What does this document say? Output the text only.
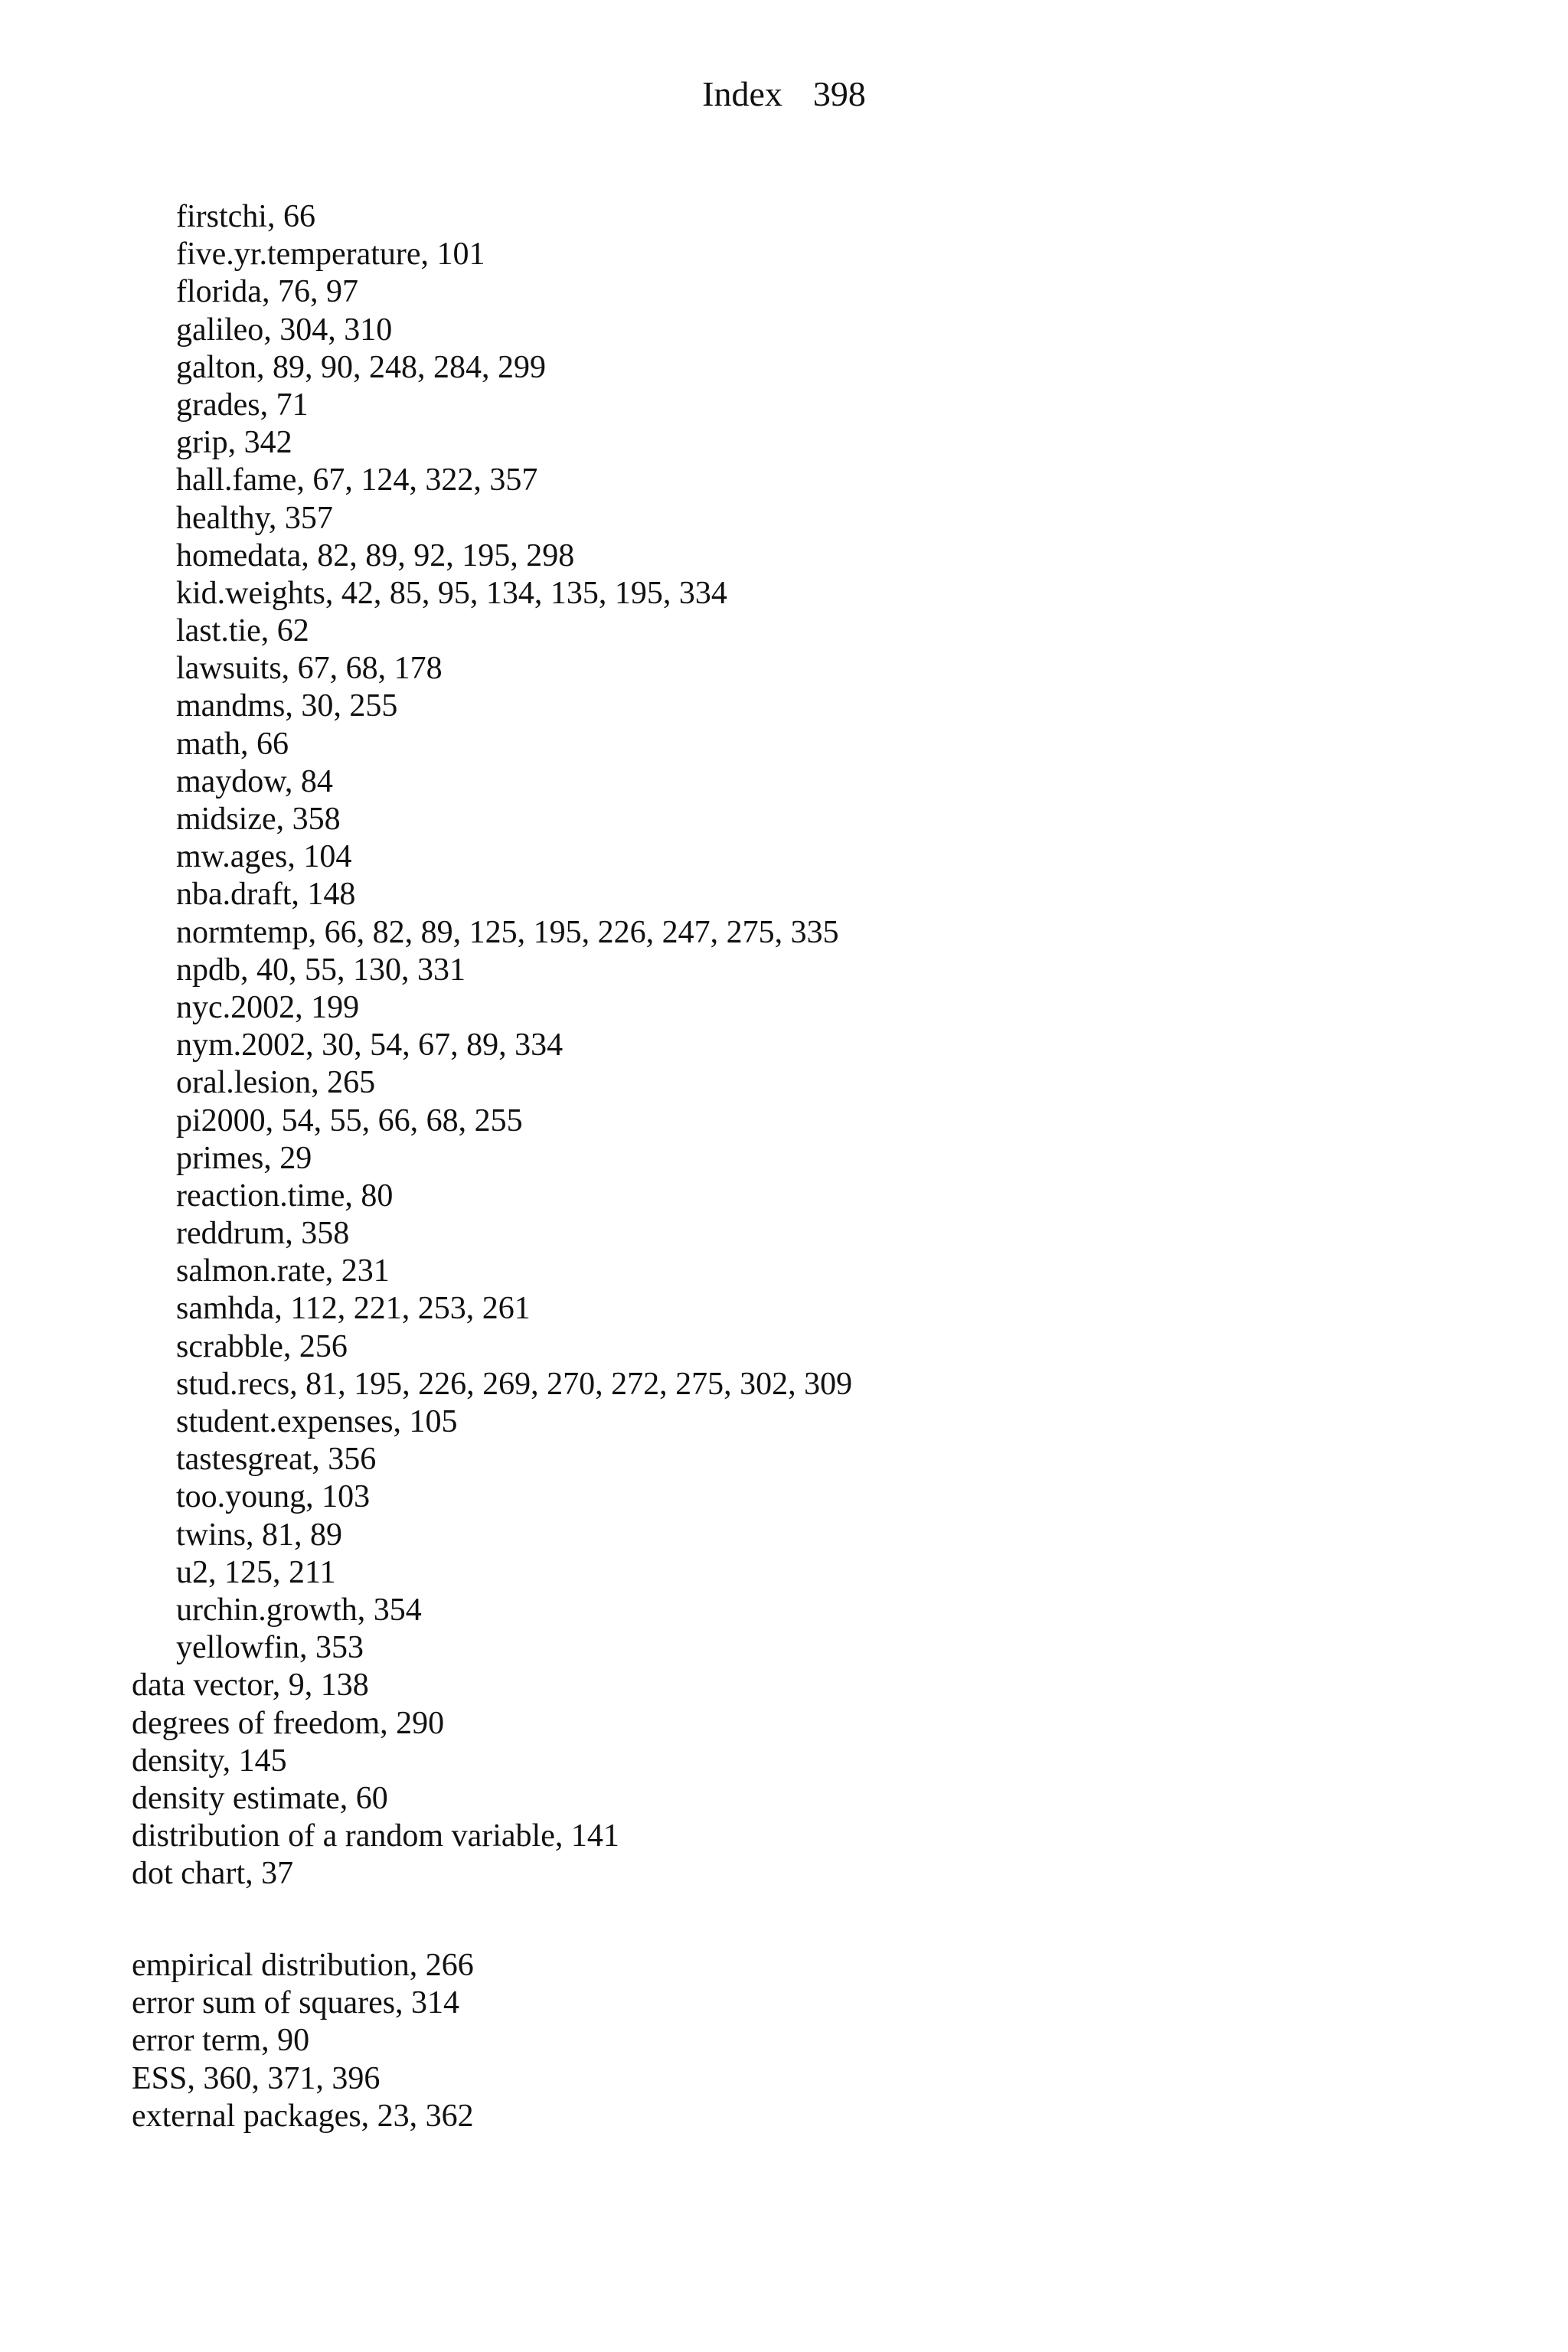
Index 398
firstchi, 66
five.yr.temperature, 101
florida, 76, 97
galileo, 304, 310
galton, 89, 90, 248, 284, 299
grades, 71
grip, 342
hall.fame, 67, 124, 322, 357
healthy, 357
homedata, 82, 89, 92, 195, 298
kid.weights, 42, 85, 95, 134, 135, 195, 334
last.tie, 62
lawsuits, 67, 68, 178
mandms, 30, 255
math, 66
maydow, 84
midsize, 358
mw.ages, 104
nba.draft, 148
normtemp, 66, 82, 89, 125, 195, 226, 247, 275, 335
npdb, 40, 55, 130, 331
nyc.2002, 199
nym.2002, 30, 54, 67, 89, 334
oral.lesion, 265
pi2000, 54, 55, 66, 68, 255
primes, 29
reaction.time, 80
reddrum, 358
salmon.rate, 231
samhda, 112, 221, 253, 261
scrabble, 256
stud.recs, 81, 195, 226, 269, 270, 272, 275, 302, 309
student.expenses, 105
tastesgreat, 356
too.young, 103
twins, 81, 89
u2, 125, 211
urchin.growth, 354
yellowfin, 353
data vector, 9, 138
degrees of freedom, 290
density, 145
density estimate, 60
distribution of a random variable, 141
dot chart, 37
empirical distribution, 266
error sum of squares, 314
error term, 90
ESS, 360, 371, 396
external packages, 23, 362
